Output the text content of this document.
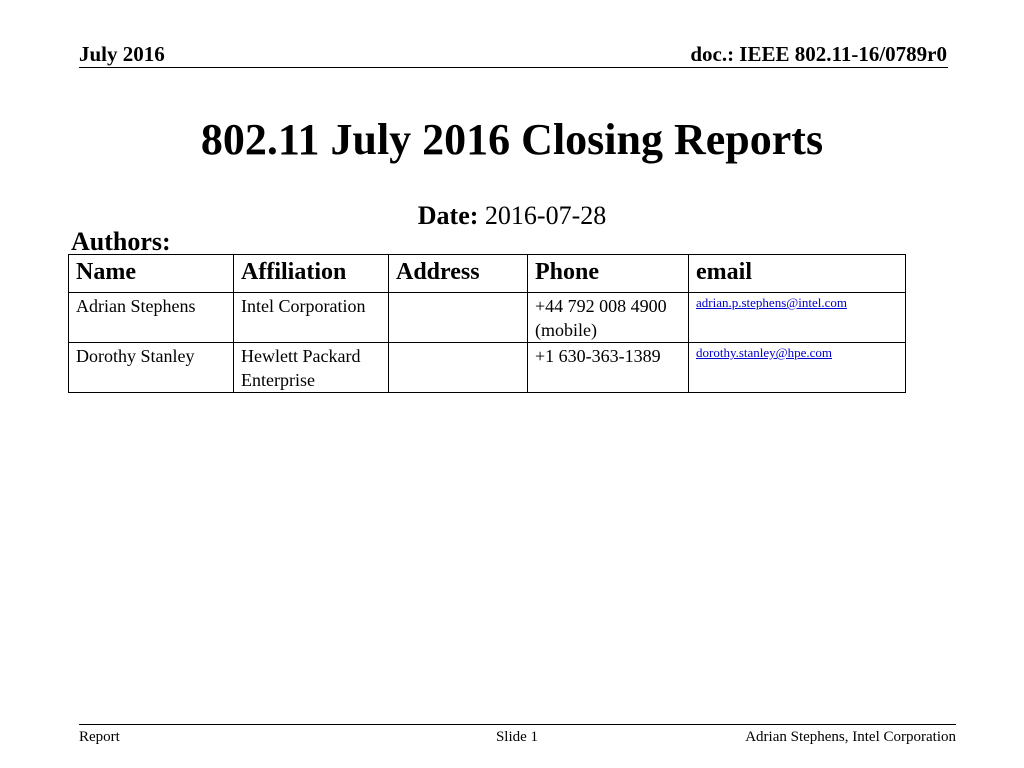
July 2016	doc.: IEEE 802.11-16/0789r0
802.11 July 2016 Closing Reports
Date: 2016-07-28
Authors:
Name	Affiliation	Address	Phone	email
Adrian Stephens	Intel Corporation		+44 792 008 4900 (mobile)	adrian.p.stephens@intel.com
Dorothy Stanley	Hewlett Packard Enterprise		+1 630-363-1389	dorothy.stanley@hpe.com
Report	Slide 1	Adrian Stephens, Intel Corporation
